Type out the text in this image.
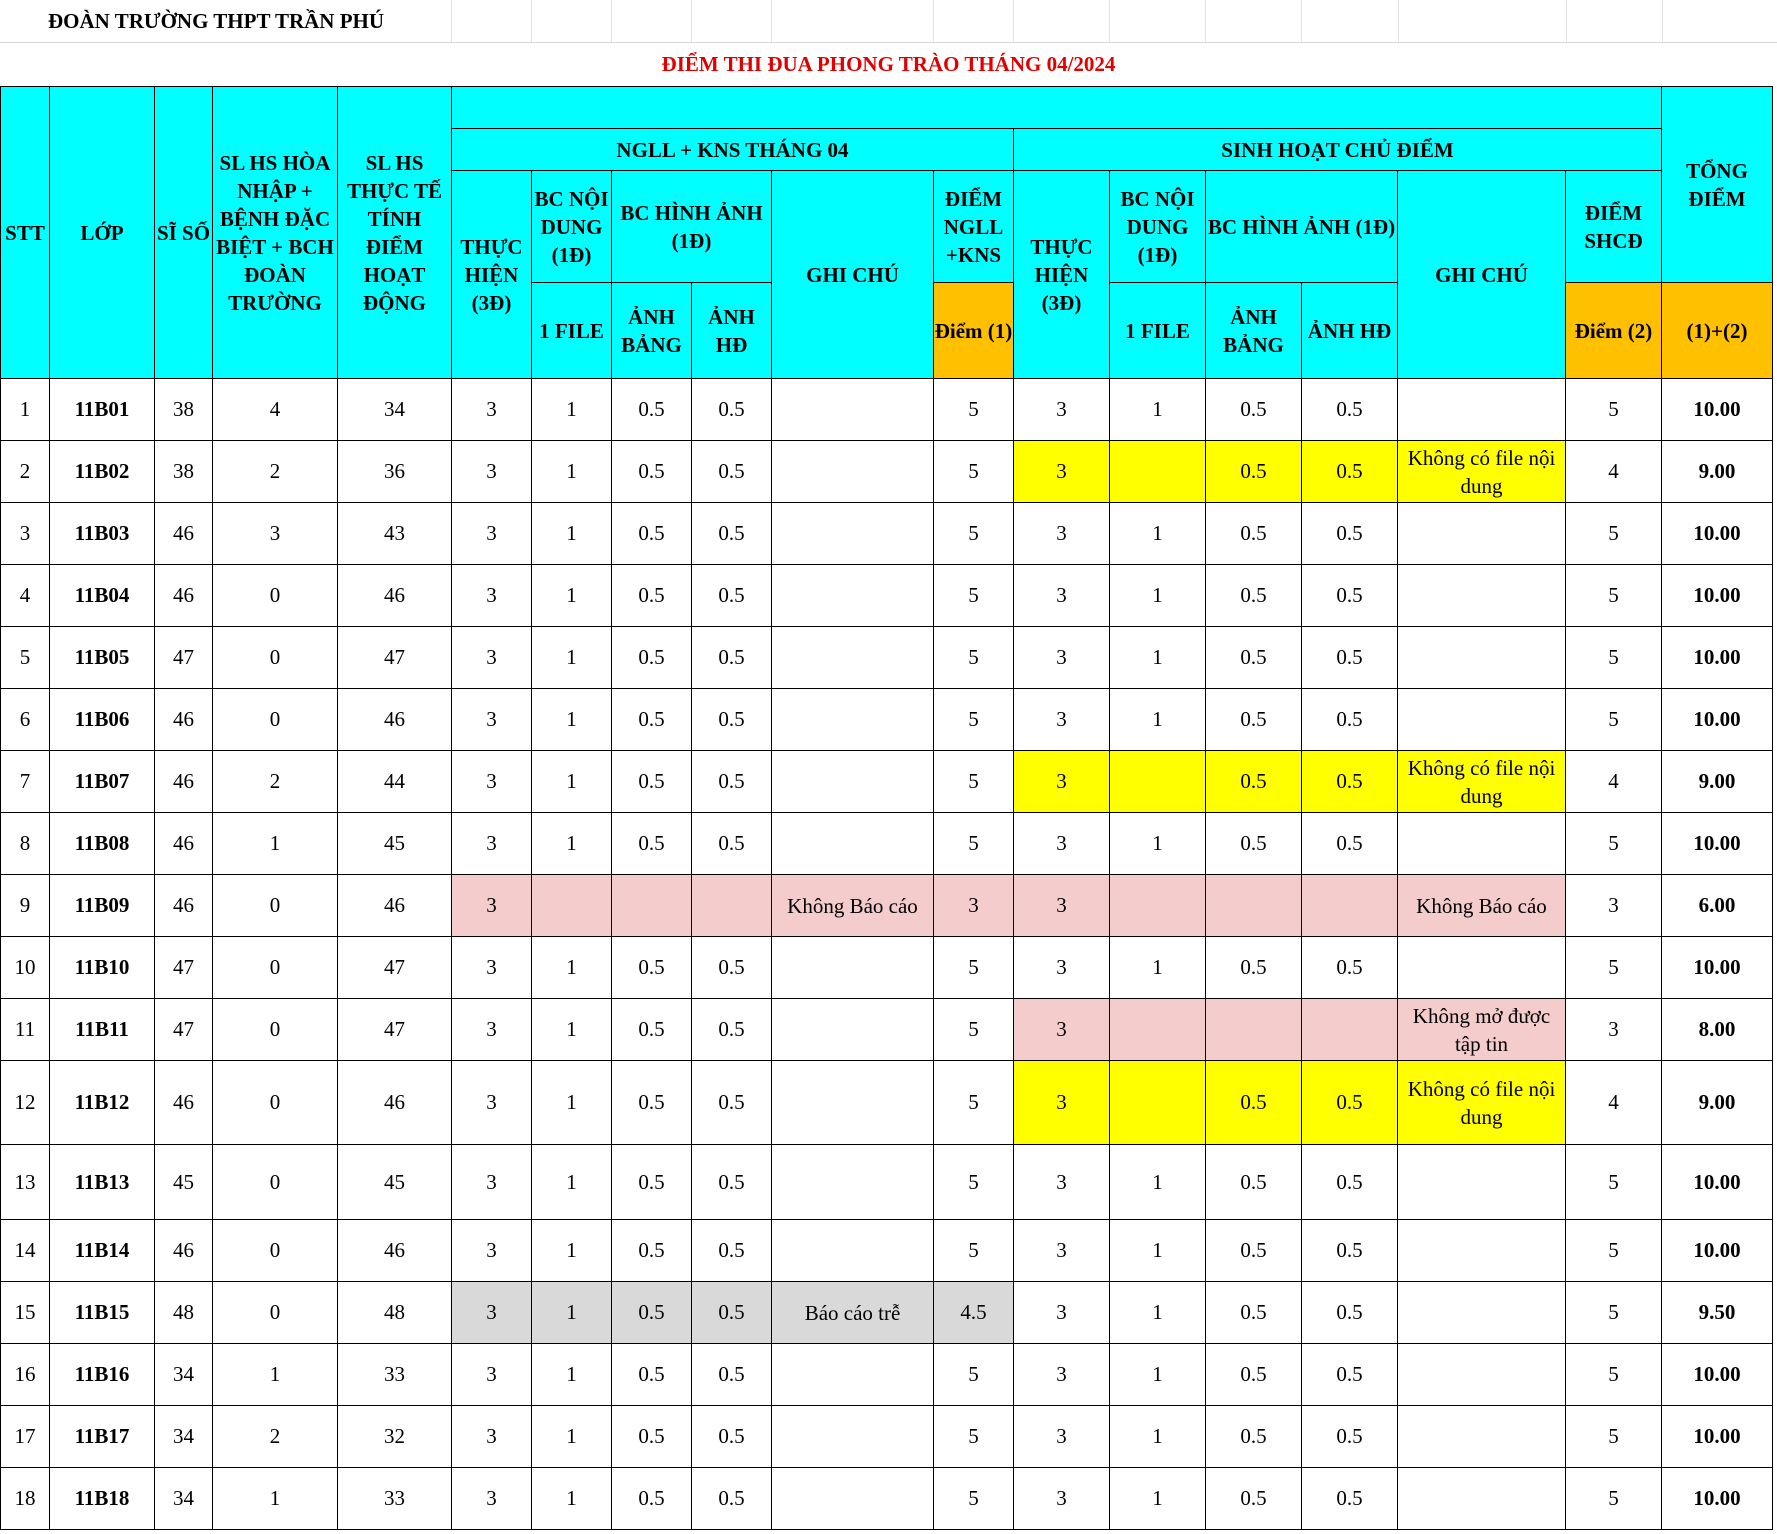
ĐOÀN TRƯỜNG THPT TRẦN PHÚ
ĐIỂM THI ĐUA PHONG TRÀO THÁNG 04/2024
STT	LỚP	SĨ SỐ	SL HS HÒA NHẬP + BỆNH ĐẶC BIỆT + BCH ĐOÀN TRƯỜNG	SL HS THỰC TẾ TÍNH ĐIỂM HOẠT ĐỘNG													TỔNG ĐIỂM
					NGLL + KNS THÁNG 04						SINH HOẠT CHỦ ĐIỂM						
					THỰC HIỆN (3Đ)	BC NỘI DUNG (1Đ)	BC HÌNH ẢNH (1Đ)		GHI CHÚ	ĐIỂM NGLL +KNS	THỰC HIỆN (3Đ)	BC NỘI DUNG (1Đ)	BC HÌNH ẢNH (1Đ)		GHI CHÚ	ĐIỂM SHCĐ	
						1 FILE	ẢNH BẢNG	ẢNH HĐ		Điểm (1)		1 FILE	ẢNH BẢNG	ẢNH HĐ		Điểm (2)	(1)+(2)
1	11B01	38	4	34	3	1	0.5	0.5		5	3	1	0.5	0.5		5	10.00
2	11B02	38	2	36	3	1	0.5	0.5		5	3		0.5	0.5	Không có file nội dung	4	9.00
3	11B03	46	3	43	3	1	0.5	0.5		5	3	1	0.5	0.5		5	10.00
4	11B04	46	0	46	3	1	0.5	0.5		5	3	1	0.5	0.5		5	10.00
5	11B05	47	0	47	3	1	0.5	0.5		5	3	1	0.5	0.5		5	10.00
6	11B06	46	0	46	3	1	0.5	0.5		5	3	1	0.5	0.5		5	10.00
7	11B07	46	2	44	3	1	0.5	0.5		5	3		0.5	0.5	Không có file nội dung	4	9.00
8	11B08	46	1	45	3	1	0.5	0.5		5	3	1	0.5	0.5		5	10.00
9	11B09	46	0	46	3				Không Báo cáo	3	3				Không Báo cáo	3	6.00
10	11B10	47	0	47	3	1	0.5	0.5		5	3	1	0.5	0.5		5	10.00
11	11B11	47	0	47	3	1	0.5	0.5		5	3				Không mở được tập tin	3	8.00
12	11B12	46	0	46	3	1	0.5	0.5		5	3		0.5	0.5	Không có file nội dung	4	9.00
13	11B13	45	0	45	3	1	0.5	0.5		5	3	1	0.5	0.5		5	10.00
14	11B14	46	0	46	3	1	0.5	0.5		5	3	1	0.5	0.5		5	10.00
15	11B15	48	0	48	3	1	0.5	0.5	Báo cáo trễ	4.5	3	1	0.5	0.5		5	9.50
16	11B16	34	1	33	3	1	0.5	0.5		5	3	1	0.5	0.5		5	10.00
17	11B17	34	2	32	3	1	0.5	0.5		5	3	1	0.5	0.5		5	10.00
18	11B18	34	1	33	3	1	0.5	0.5		5	3	1	0.5	0.5		5	10.00
